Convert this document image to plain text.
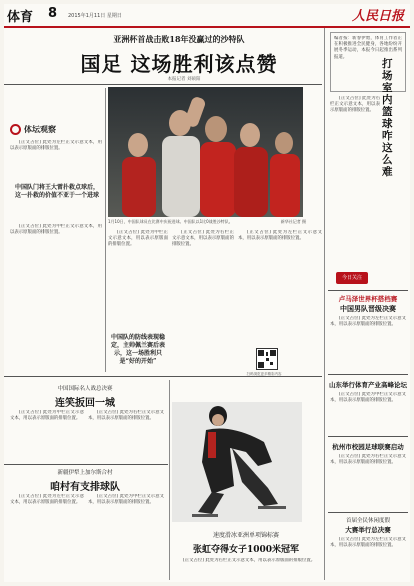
体育 8 2015年1月11日 星期日	人民日报
亚洲杯首战击败18年没赢过的沙特队
国足 这场胜利该点赞
本报记者 刘硕阳
体坛观察

[正文占位] 此处为左栏正文示意文本，用以表示原版面的排版位置。

中国队门将王大雷扑救点球后，这一扑救的价值不亚于一个进球

[正文占位] 此处为中栏正文示意文本，用以表示原版面的排版位置。

1月10日，中国队球员在比赛中庆祝进球。中国队以1比0战胜沙特队。	新华社记者 摄

[正文占位] 此处为中栏正文示意文本，用以表示原版面的排版位置。

中国队的防线表现稳定，主帅佩兰赛后表示，这一场胜利只是“好的开始”

[正文占位] 此处为右栏正文示意文本，用以表示原版面的排版位置。

[正文占位] 此处为左栏正文示意文本，用以表示原版面的排版位置。

扫码浏览更多精彩内容
编者按：新春伊始，体育工作者正在积极推进全民健身，各地纷纷开展冬季运动，本报今日起推出系列报道。
打场室内篮球咋这么难

[正文占位] 此处为右栏正文示意文本，用以表示原版面的排版位置。

今日关注
卢马泽世界杯搭档赛
中国男队晋级决赛

[正文占位] 此处为左栏正文示意文本，用以表示原版面的排版位置。

山东举行体育产业高峰论坛

[正文占位] 此处为中栏正文示意文本，用以表示原版面的排版位置。

杭州市校园足球联赛启动

[正文占位] 此处为右栏正文示意文本，用以表示原版面的排版位置。

首届全民休闲度假
大赛举行总决赛

[正文占位] 此处为左栏正文示意文本，用以表示原版面的排版位置。

中国国际名人战总决赛
连笑扳回一城

[正文占位] 此处为中栏正文示意文本，用以表示原版面的排版位置。

[正文占位] 此处为右栏正文示意文本，用以表示原版面的排版位置。

新疆伊犁上加尔斯合村
咱村有支排球队

[正文占位] 此处为左栏正文示意文本，用以表示原版面的排版位置。

[正文占位] 此处为中栏正文示意文本，用以表示原版面的排版位置。

速度滑冰亚洲单项锦标赛
张虹夺得女子1000米冠军

[正文占位] 此处为右栏正文示意文本，用以表示原版面的排版位置。
